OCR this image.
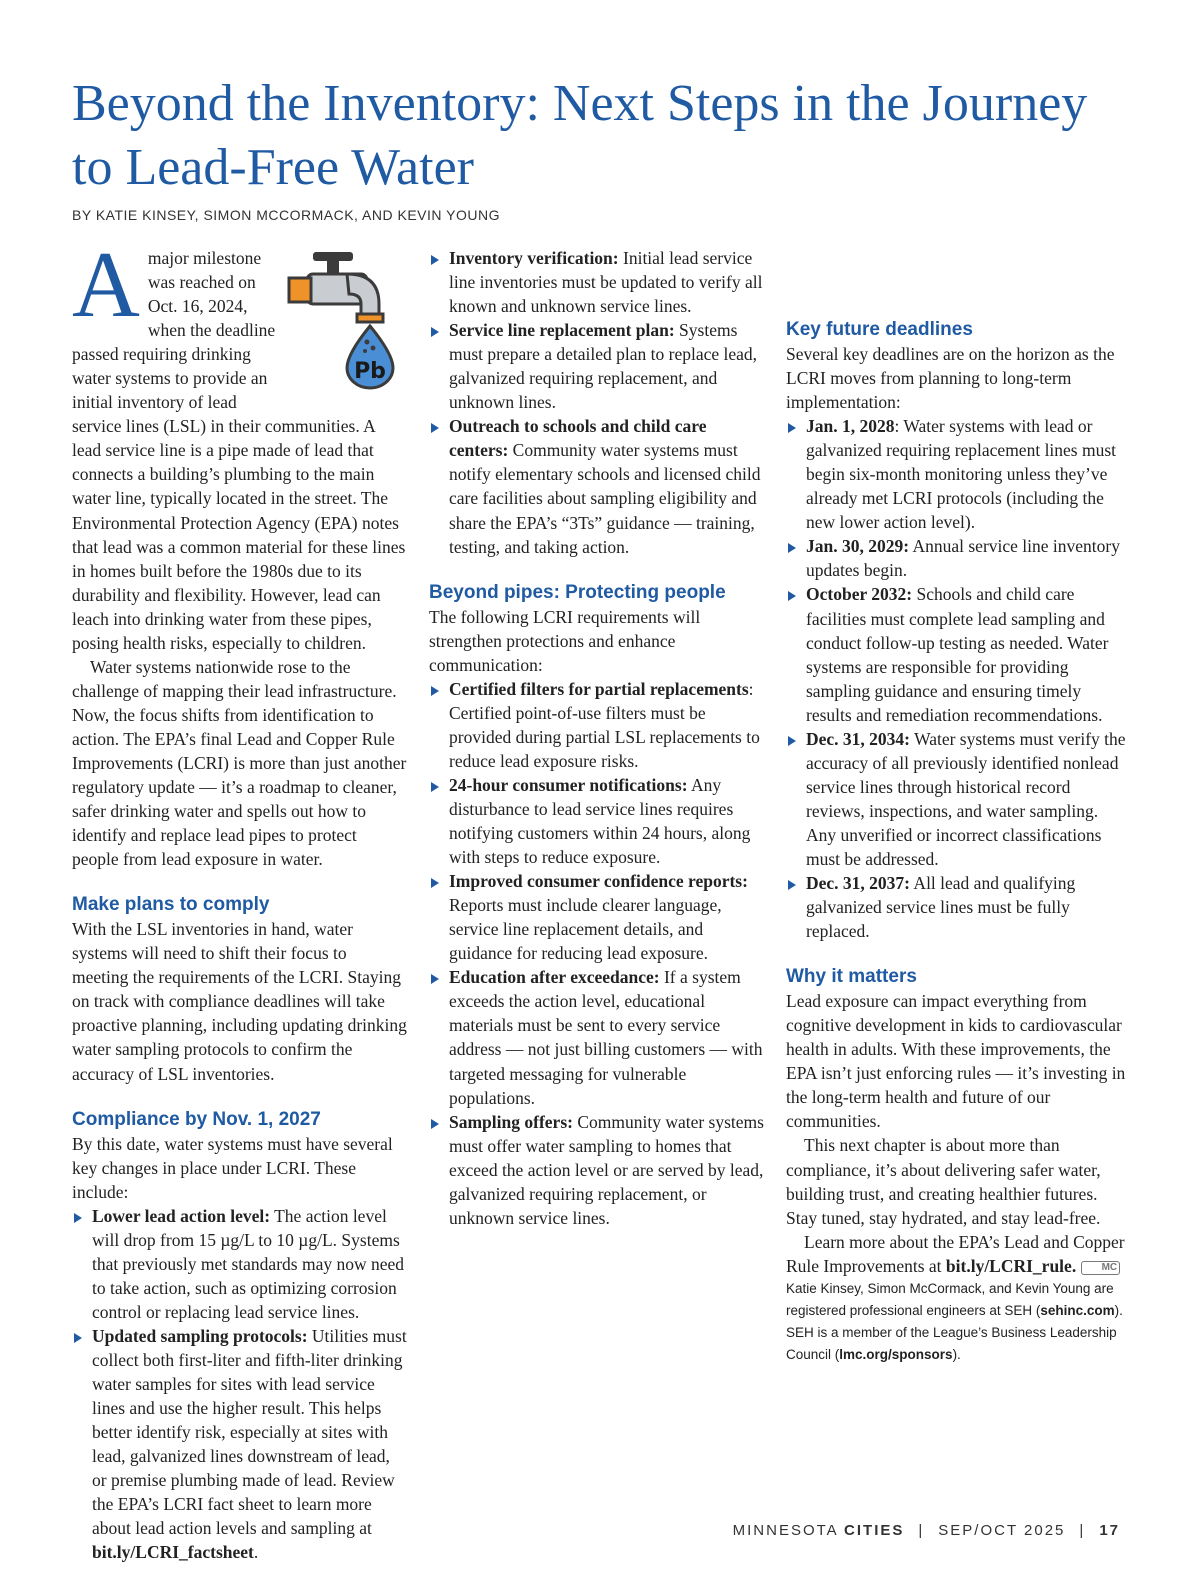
Beyond the Inventory: Next Steps in the Journey to Lead-Free Water
BY KATIE KINSEY, SIMON MCCORMACK, AND KEVIN YOUNG

A
Pb
major milestone was reached on Oct. 16, 2024, when the deadline passed requiring drinking water systems to provide an initial inventory of lead service lines (LSL) in their communities. A lead service line is a pipe made of lead that connects a building’s plumbing to the main water line, typically located in the street. The Environmental Protection Agency (EPA) notes that lead was a common material for these lines in homes built before the 1980s due to its durability and flexibility. However, lead can leach into drinking water from these pipes, posing health risks, especially to children.

Water systems nationwide rose to the challenge of mapping their lead infrastructure. Now, the focus shifts from identification to action. The EPA’s final Lead and Copper Rule Improvements (LCRI) is more than just another regulatory update — it’s a roadmap to cleaner, safer drinking water and spells out how to identify and replace lead pipes to protect people from lead exposure in water.

Make plans to comply

With the LSL inventories in hand, water systems will need to shift their focus to meeting the requirements of the LCRI. Staying on track with compliance deadlines will take proactive planning, including updating drinking water sampling protocols to confirm the accuracy of LSL inventories.

Compliance by Nov. 1, 2027

By this date, water systems must have several key changes in place under LCRI. These include:

Lower lead action level: The action level will drop from 15 µg/L to 10 µg/L. Systems that previously met standards may now need to take action, such as optimizing corrosion control or replacing lead service lines.
Updated sampling protocols: Utilities must collect both first-liter and fifth-liter drinking water samples for sites with lead service lines and use the higher result. This helps better identify risk, especially at sites with lead, galvanized lines downstream of lead, or premise plumbing made of lead. Review the EPA’s LCRI fact sheet to learn more about lead action levels and sampling at bit.ly/LCRI_factsheet.
Inventory verification: Initial lead service line inventories must be updated to verify all known and unknown service lines.
Service line replacement plan: Systems must prepare a detailed plan to replace lead, galvanized requiring replacement, and unknown lines.
Outreach to schools and child care centers: Community water systems must notify elementary schools and licensed child care facilities about sampling eligibility and share the EPA’s “3Ts” guidance — training, testing, and taking action.
Beyond pipes: Protecting people

The following LCRI requirements will strengthen protections and enhance communication:

Certified filters for partial replacements: Certified point-of-use filters must be provided during partial LSL replacements to reduce lead exposure risks.
24-hour consumer notifications: Any disturbance to lead service lines requires notifying customers within 24 hours, along with steps to reduce exposure.
Improved consumer confidence reports: Reports must include clearer language, service line replacement details, and guidance for reducing lead exposure.
Education after exceedance: If a system exceeds the action level, educational materials must be sent to every service address — not just billing customers — with targeted messaging for vulnerable populations.
Sampling offers: Community water systems must offer water sampling to homes that exceed the action level or are served by lead, galvanized requiring replacement, or unknown service lines.
Key future deadlines

Several key deadlines are on the horizon as the LCRI moves from planning to long-term implementation:

Jan. 1, 2028: Water systems with lead or galvanized requiring replacement lines must begin six-month monitoring unless they’ve already met LCRI protocols (including the new lower action level).
Jan. 30, 2029: Annual service line inventory updates begin.
October 2032: Schools and child care facilities must complete lead sampling and conduct follow-up testing as needed. Water systems are responsible for providing sampling guidance and ensuring timely results and remediation recommendations.
Dec. 31, 2034: Water systems must verify the accuracy of all previously identified nonlead service lines through historical record reviews, inspections, and water sampling. Any unverified or incorrect classifications must be addressed.
Dec. 31, 2037: All lead and qualifying galvanized service lines must be fully replaced.
Why it matters

Lead exposure can impact everything from cognitive development in kids to cardiovascular health in adults. With these improvements, the EPA isn’t just enforcing rules — it’s investing in the long-term health and future of our communities.

This next chapter is about more than compliance, it’s about delivering safer water, building trust, and creating healthier futures. Stay tuned, stay hydrated, and stay lead-free.

Learn more about the EPA’s Lead and Copper Rule Improvements at bit.ly/LCRI_rule.	MC

Katie Kinsey, Simon McCormack, and Kevin Young are registered professional engineers at SEH (sehinc.com). SEH is a member of the League’s Business Leadership Council (lmc.org/sponsors).

MINNESOTA CITIES | SEP/OCT 2025 | 17
